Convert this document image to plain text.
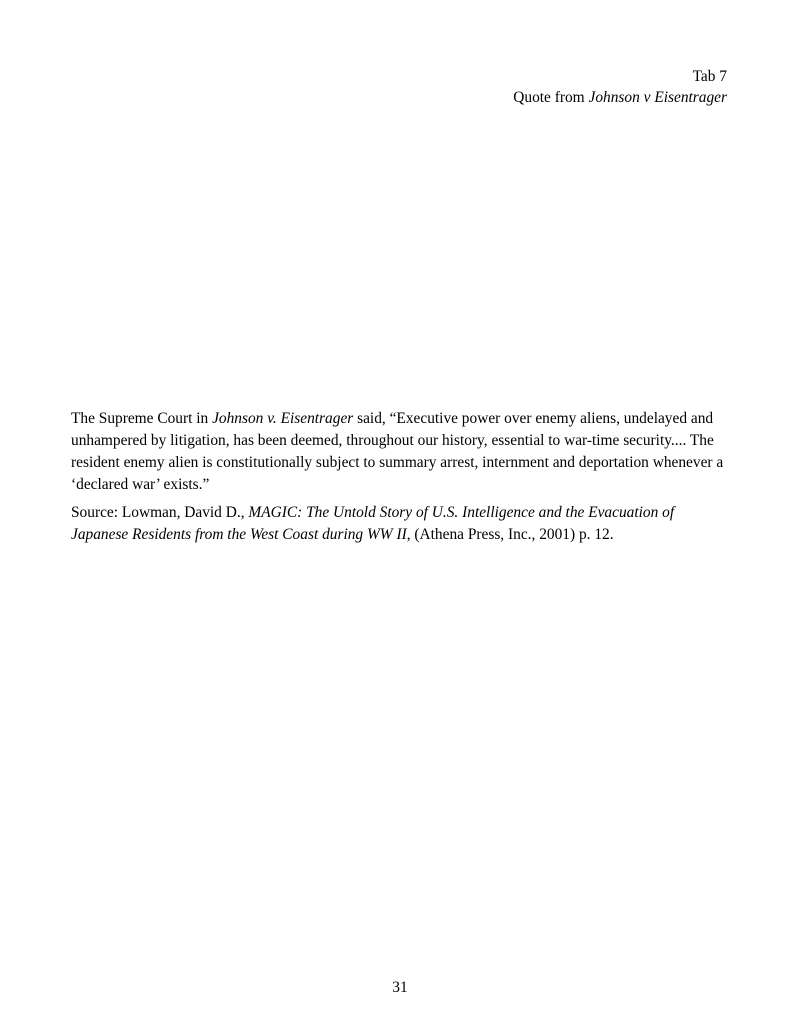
Tab 7
Quote from Johnson v Eisentrager

The Supreme Court in Johnson v. Eisentrager said, “Executive power over enemy aliens, undelayed and unhampered by litigation, has been deemed, throughout our history, essential to war-time security.... The resident enemy alien is constitutionally subject to summary arrest, internment and deportation whenever a ‘declared war’ exists.”

Source: Lowman, David D., MAGIC: The Untold Story of U.S. Intelligence and the Evacuation of Japanese Residents from the West Coast during WW II, (Athena Press, Inc., 2001) p. 12.

31
